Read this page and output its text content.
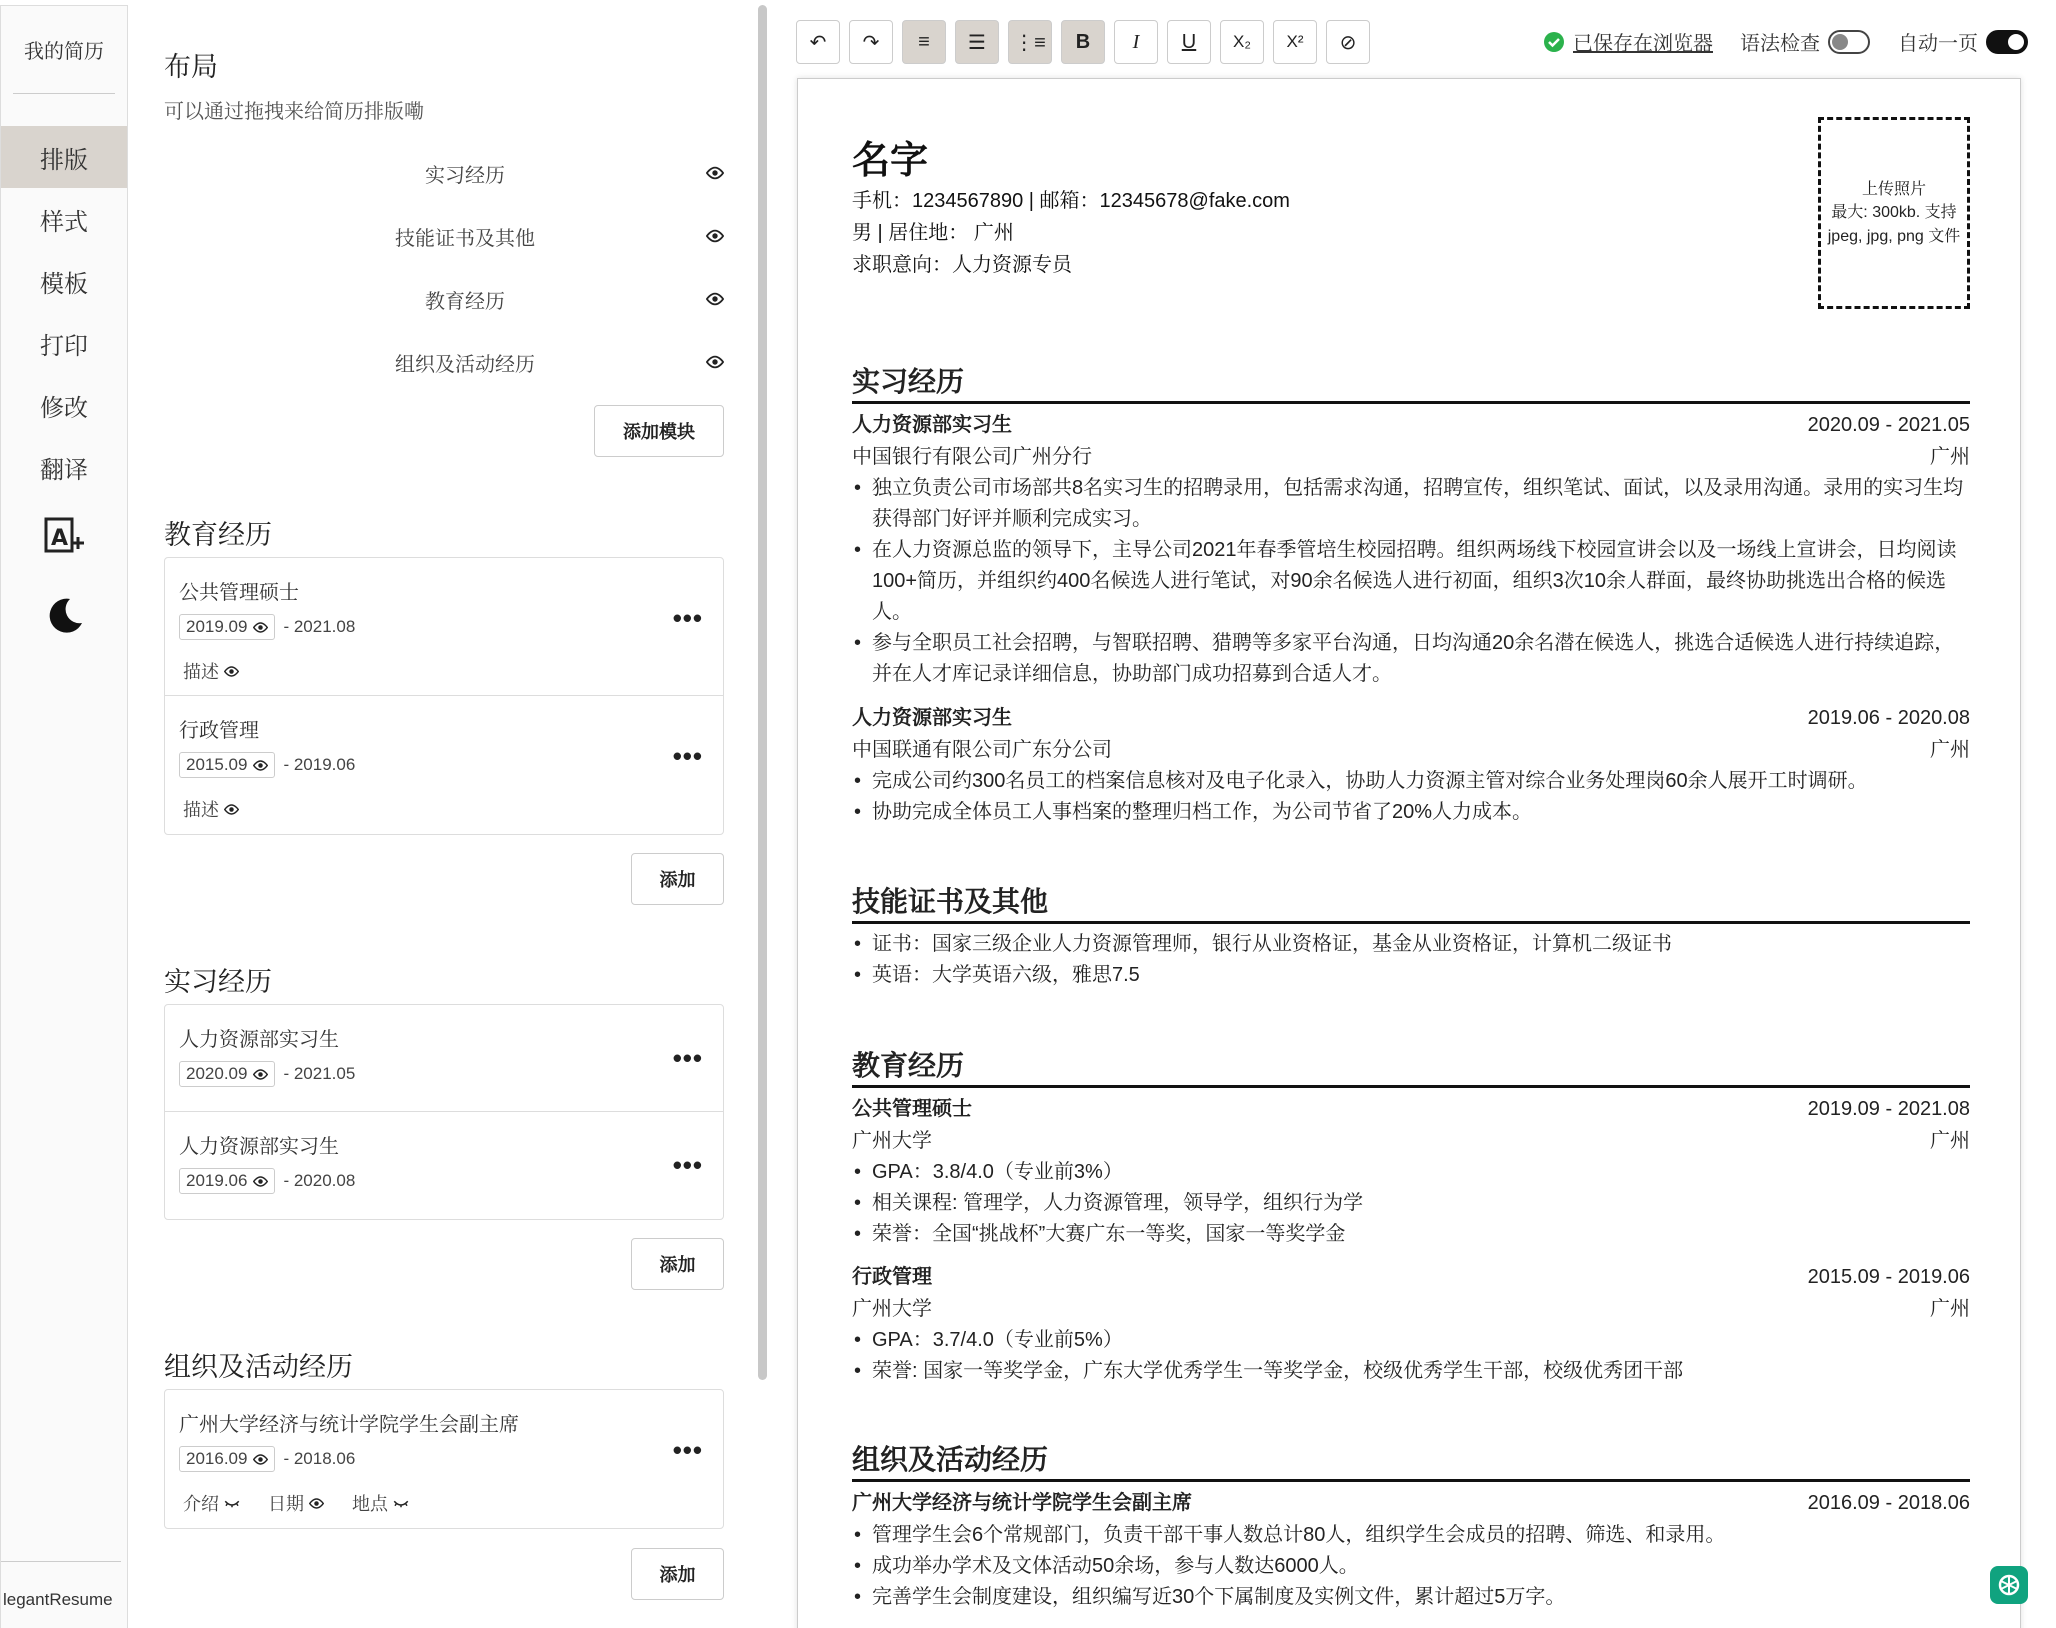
我的简历
排版
样式
模板
打印
修改
翻译
A
legantResume
布局
可以通过拖拽来给简历排版嘞
实习经历
技能证书及其他
教育经历
组织及活动经历
添加模块
教育经历
公共管理硕士
2019.09 - 2021.08	•••
描述
行政管理
2015.09 - 2019.06	•••
描述
添加
实习经历
人力资源部实习生
2020.09 - 2021.05
•••
人力资源部实习生
2019.06 - 2020.08
•••
添加
组织及活动经历
广州大学经济与统计学院学生会副主席
2016.09 - 2018.06	•••
介绍	日期	地点
添加
↶	↷	≡	☰	⋮≡	B	I	U	X₂	X²	⊘	已保存在浏览器 语法检查	自动一页
名字
手机：1234567890 | 邮箱：12345678@fake.com
男 | 居住地： 广州
求职意向：人力资源专员
上传照片
最大: 300kb. 支持
jpeg, jpg, png 文件
实习经历
人力资源部实习生	2020.09 - 2021.05
中国银行有限公司广州分行	广州
• 独立负责公司市场部共8名实习生的招聘录用，包括需求沟通，招聘宣传，组织笔试、面试，以及录用沟通。录用的实习生均获得部门好评并顺利完成实习。
• 在人力资源总监的领导下，主导公司2021年春季管培生校园招聘。组织两场线下校园宣讲会以及一场线上宣讲会，日均阅读100+简历，并组织约400名候选人进行笔试，对90余名候选人进行初面，组织3次10余人群面，最终协助挑选出合格的候选人。
• 参与全职员工社会招聘，与智联招聘、猎聘等多家平台沟通，日均沟通20余名潜在候选人，挑选合适候选人进行持续追踪，并在人才库记录详细信息，协助部门成功招募到合适人才。
人力资源部实习生	2019.06 - 2020.08
中国联通有限公司广东分公司	广州
• 完成公司约300名员工的档案信息核对及电子化录入，协助人力资源主管对综合业务处理岗60余人展开工时调研。
• 协助完成全体员工人事档案的整理归档工作，为公司节省了20%人力成本。
技能证书及其他
• 证书：国家三级企业人力资源管理师，银行从业资格证，基金从业资格证，计算机二级证书
• 英语：大学英语六级，雅思7.5
教育经历
公共管理硕士	2019.09 - 2021.08
广州大学	广州
• GPA：3.8/4.0（专业前3%）
• 相关课程: 管理学，人力资源管理，领导学，组织行为学
• 荣誉：全国“挑战杯”大赛广东一等奖，国家一等奖学金
行政管理	2015.09 - 2019.06
广州大学	广州
• GPA：3.7/4.0（专业前5%）
• 荣誉: 国家一等奖学金，广东大学优秀学生一等奖学金，校级优秀学生干部，校级优秀团干部
组织及活动经历
广州大学经济与统计学院学生会副主席	2016.09 - 2018.06
• 管理学生会6个常规部门，负责干部干事人数总计80人，组织学生会成员的招聘、筛选、和录用。
• 成功举办学术及文体活动50余场，参与人数达6000人。
• 完善学生会制度建设，组织编写近30个下属制度及实例文件，累计超过5万字。
